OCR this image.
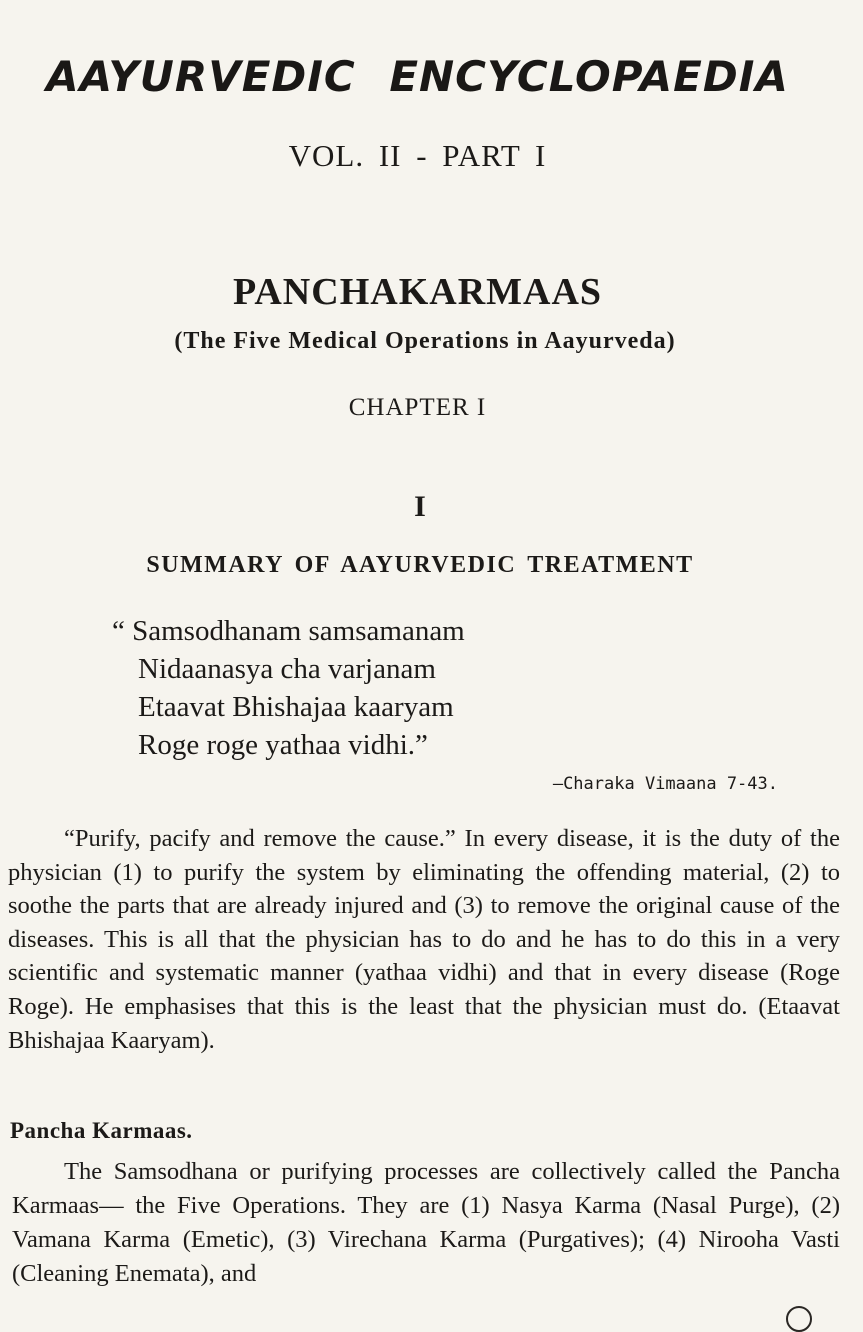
AAYURVEDIC ENCYCLOPAEDIA
VOL. II - PART I
PANCHAKARMAAS
(The Five Medical Operations in Aayurveda)
CHAPTER I
I
SUMMARY OF AAYURVEDIC TREATMENT
“ Samsodhanam samsamanam
Nidaanasya cha varjanam
Etaavat Bhishajaa kaaryam
Roge roge yathaa vidhi.”
—Charaka Vimaana 7-43.

“Purify, pacify and remove the cause.” In every disease, it is the duty of the physician (1) to purify the system by eliminating the offending material, (2) to soothe the parts that are already injured and (3) to remove the original cause of the diseases. This is all that the physician has to do and he has to do this in a very scientific and systematic manner (yathaa vidhi) and that in every disease (Roge Roge). He emphasises that this is the least that the physician must do. (Etaavat Bhishajaa Kaaryam).

Pancha Karmaas.

The Samsodhana or purifying processes are collectively called the Pancha Karmaas— the Five Operations. They are (1) Nasya Karma (Nasal Purge), (2) Vamana Karma (Emetic), (3) Virechana Karma (Purgatives); (4) Nirooha Vasti (Cleaning Enemata), and
